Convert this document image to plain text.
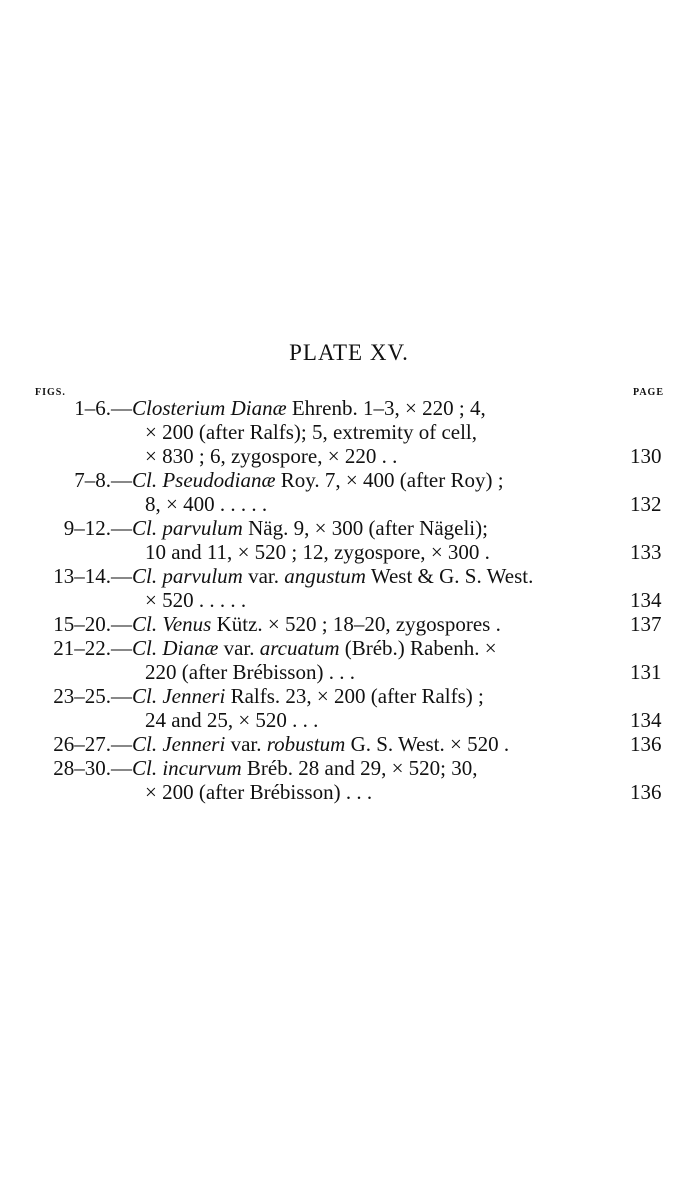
PLATE XV.
FIGS.	PAGE
1–6.— Closterium Dianæ Ehrenb. 1–3, × 220 ; 4,
× 200 (after Ralfs); 5, extremity of cell,
× 830 ; 6, zygospore, × 220 . .	130
7–8.— Cl. Pseudodianæ Roy. 7, × 400 (after Roy) ;
8, × 400 . . . . .	132
9–12.— Cl. parvulum Näg. 9, × 300 (after Nägeli);
10 and 11, × 520 ; 12, zygospore, × 300 .	133
13–14.— Cl. parvulum var. angustum West & G. S. West.
× 520 . . . . .	134
15–20.— Cl. Venus Kütz. × 520 ; 18–20, zygospores .	137
21–22.— Cl. Dianæ var. arcuatum (Bréb.) Rabenh. ×
220 (after Brébisson) . . .	131
23–25.— Cl. Jenneri Ralfs. 23, × 200 (after Ralfs) ;
24 and 25, × 520 . . .	134
26–27.— Cl. Jenneri var. robustum G. S. West. × 520 .	136
28–30.— Cl. incurvum Bréb. 28 and 29, × 520; 30,
× 200 (after Brébisson) . . .	136
